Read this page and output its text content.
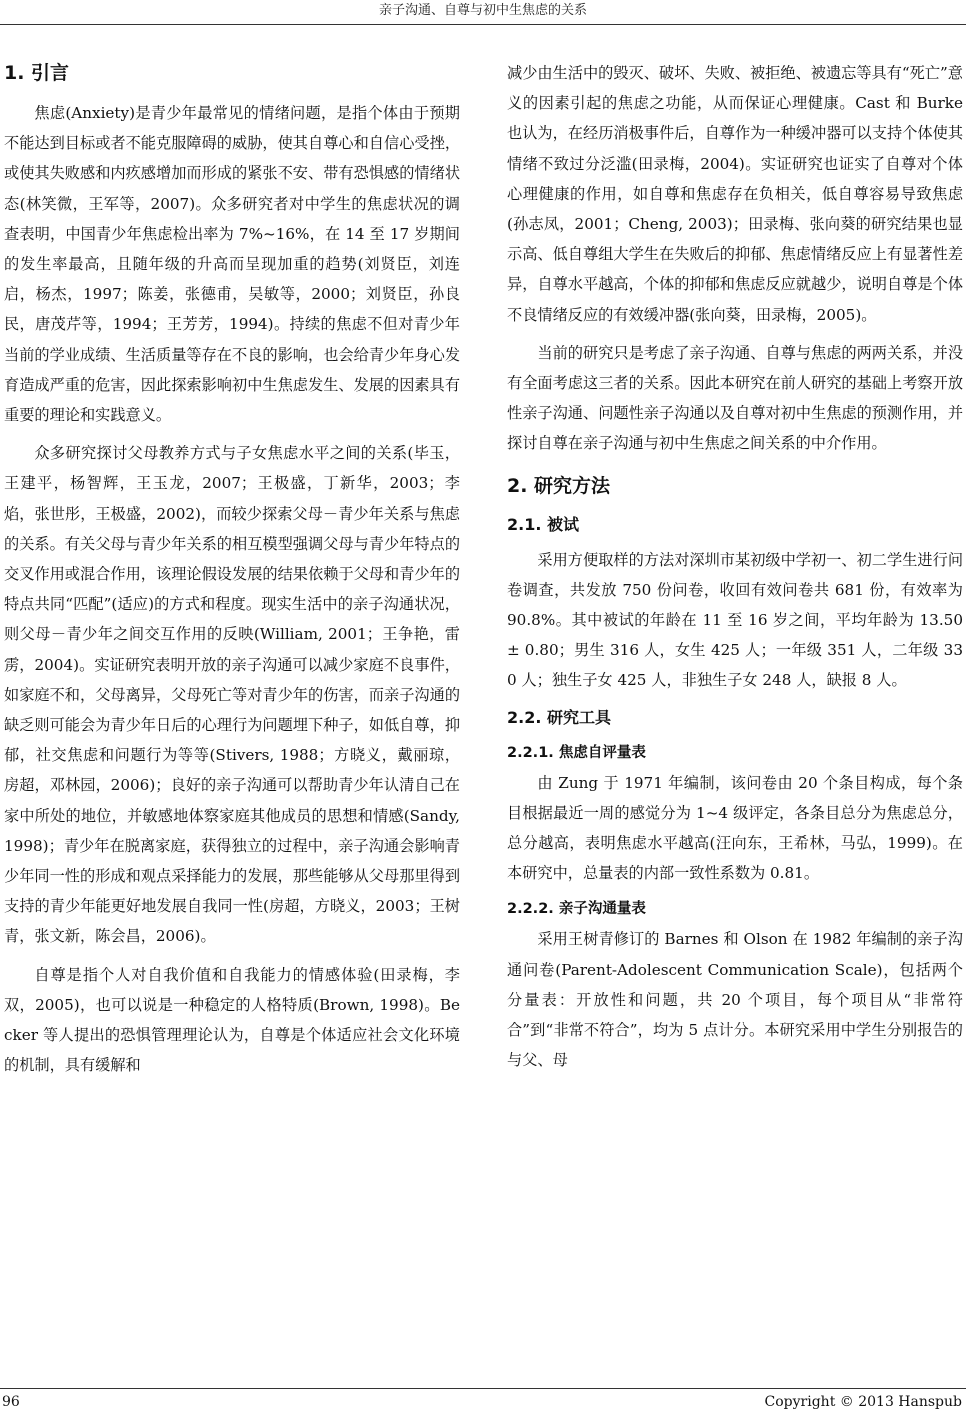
亲子沟通、自尊与初中生焦虑的关系
1. 引言

焦虑(Anxiety)是青少年最常见的情绪问题，是指个体由于预期不能达到目标或者不能克服障碍的威胁，使其自尊心和自信心受挫，或使其失败感和内疚感增加而形成的紧张不安、带有恐惧感的情绪状态(林笑微，王军等，2007)。众多研究者对中学生的焦虑状况的调查表明，中国青少年焦虑检出率为 7%~16%，在 14 至 17 岁期间的发生率最高，且随年级的升高而呈现加重的趋势(刘贤臣，刘连启，杨杰，1997；陈姜，张德甫，吴敏等，2000；刘贤臣，孙良民，唐茂芹等，1994；王芳芳，1994)。持续的焦虑不但对青少年当前的学业成绩、生活质量等存在不良的影响，也会给青少年身心发育造成严重的危害，因此探索影响初中生焦虑发生、发展的因素具有重要的理论和实践意义。

众多研究探讨父母教养方式与子女焦虑水平之间的关系(毕玉，王建平，杨智辉，王玉龙，2007；王极盛，丁新华，2003；李焰，张世彤，王极盛，2002)，而较少探索父母－青少年关系与焦虑的关系。有关父母与青少年关系的相互模型强调父母与青少年特点的交叉作用或混合作用，该理论假设发展的结果依赖于父母和青少年的特点共同“匹配”(适应)的方式和程度。现实生活中的亲子沟通状况，则父母－青少年之间交互作用的反映(William, 2001；王争艳，雷雳，2004)。实证研究表明开放的亲子沟通可以减少家庭不良事件，如家庭不和，父母离异，父母死亡等对青少年的伤害，而亲子沟通的缺乏则可能会为青少年日后的心理行为问题埋下种子，如低自尊，抑郁，社交焦虑和问题行为等等(Stivers, 1988；方晓义，戴丽琼，房超，邓林园，2006)；良好的亲子沟通可以帮助青少年认清自己在家中所处的地位，并敏感地体察家庭其他成员的思想和情感(Sandy, 1998)；青少年在脱离家庭，获得独立的过程中，亲子沟通会影响青少年同一性的形成和观点采择能力的发展，那些能够从父母那里得到支持的青少年能更好地发展自我同一性(房超，方晓义，2003；王树青，张文新，陈会昌，2006)。

自尊是指个人对自我价值和自我能力的情感体验(田录梅，李双，2005)，也可以说是一种稳定的人格特质(Brown, 1998)。Becker 等人提出的恐惧管理理论认为，自尊是个体适应社会文化环境的机制，具有缓解和

减少由生活中的毁灭、破坏、失败、被拒绝、被遗忘等具有“死亡”意义的因素引起的焦虑之功能，从而保证心理健康。Cast 和 Burke 也认为，在经历消极事件后，自尊作为一种缓冲器可以支持个体使其情绪不致过分泛滥(田录梅，2004)。实证研究也证实了自尊对个体心理健康的作用，如自尊和焦虑存在负相关，低自尊容易导致焦虑(孙志凤，2001；Cheng, 2003)；田录梅、张向葵的研究结果也显示高、低自尊组大学生在失败后的抑郁、焦虑情绪反应上有显著性差异，自尊水平越高，个体的抑郁和焦虑反应就越少，说明自尊是个体不良情绪反应的有效缓冲器(张向葵，田录梅，2005)。

当前的研究只是考虑了亲子沟通、自尊与焦虑的两两关系，并没有全面考虑这三者的关系。因此本研究在前人研究的基础上考察开放性亲子沟通、问题性亲子沟通以及自尊对初中生焦虑的预测作用，并探讨自尊在亲子沟通与初中生焦虑之间关系的中介作用。

2. 研究方法
2.1. 被试

采用方便取样的方法对深圳市某初级中学初一、初二学生进行问卷调查，共发放 750 份问卷，收回有效问卷共 681 份，有效率为 90.8%。其中被试的年龄在 11 至 16 岁之间，平均年龄为 13.50 ± 0.80；男生 316 人，女生 425 人；一年级 351 人，二年级 330 人；独生子女 425 人，非独生子女 248 人，缺报 8 人。

2.2. 研究工具
2.2.1. 焦虑自评量表

由 Zung 于 1971 年编制，该问卷由 20 个条目构成，每个条目根据最近一周的感觉分为 1~4 级评定，各条目总分为焦虑总分，总分越高，表明焦虑水平越高(汪向东，王希林，马弘，1999)。在本研究中，总量表的内部一致性系数为 0.81。

2.2.2. 亲子沟通量表

采用王树青修订的 Barnes 和 Olson 在 1982 年编制的亲子沟通问卷(Parent-Adolescent Communication Scale)，包括两个分量表：开放性和问题，共 20 个项目，每个项目从“非常符合”到“非常不符合”，均为 5 点计分。本研究采用中学生分别报告的与父、母

96	Copyright © 2013 Hanspub
